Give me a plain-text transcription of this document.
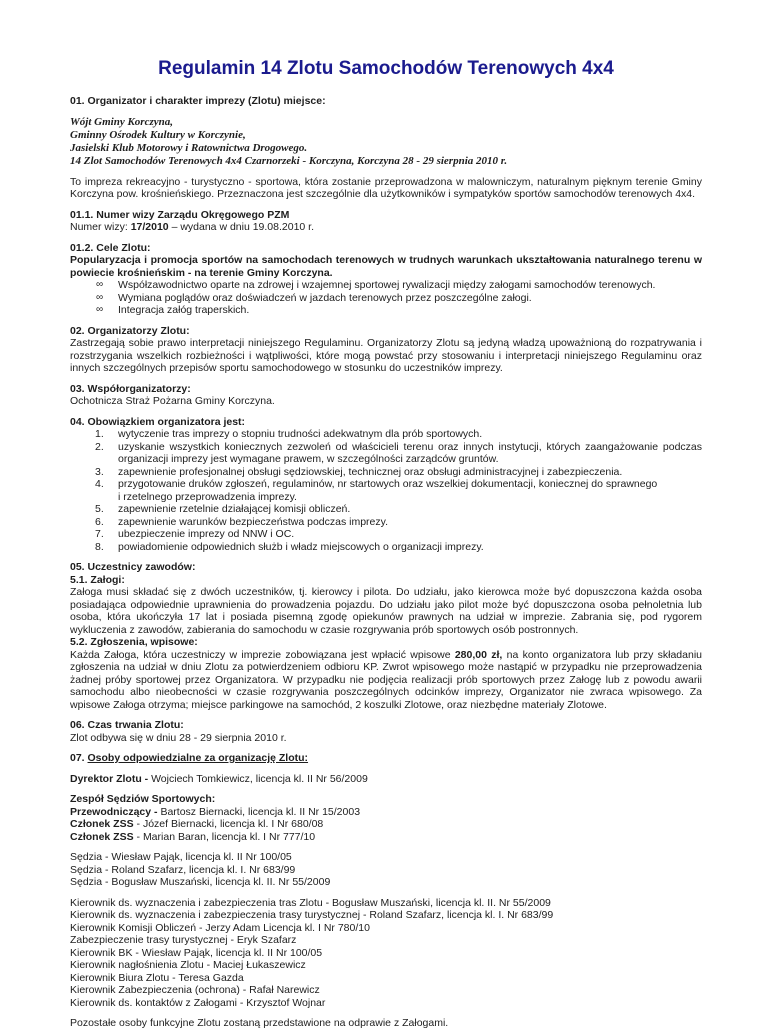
Regulamin 14 Zlotu Samochodów Terenowych 4x4

01. Organizator i charakter imprezy (Zlotu) miejsce:

Wójt Gminy Korczyna,

Gminny Ośrodek Kultury w Korczynie,

Jasielski Klub Motorowy i Ratownictwa Drogowego.

14 Zlot Samochodów Terenowych 4x4 Czarnorzeki - Korczyna, Korczyna 28 - 29 sierpnia 2010 r.

To impreza rekreacyjno - turystyczno - sportowa, która zostanie przeprowadzona w malowniczym, naturalnym pięknym terenie Gminy Korczyna pow. krośnieńskiego. Przeznaczona jest szczególnie dla użytkowników i sympatyków sportów samochodów terenowych 4x4.

01.1. Numer wizy Zarządu Okręgowego PZM

Numer wizy: 17/2010 – wydana w dniu 19.08.2010 r.

01.2. Cele Zlotu:

Popularyzacja i promocja sportów na samochodach terenowych w trudnych warunkach ukształtowania naturalnego terenu w powiecie krośnieńskim - na terenie Gminy Korczyna.

∞	Współzawodnictwo oparte na zdrowej i wzajemnej sportowej rywalizacji między załogami samochodów terenowych.
∞	Wymiana poglądów oraz doświadczeń w jazdach terenowych przez poszczególne załogi.
∞	Integracja załóg traperskich.

02. Organizatorzy Zlotu:

Zastrzegają sobie prawo interpretacji niniejszego Regulaminu. Organizatorzy Zlotu są jedyną władzą upoważnioną do rozpatrywania i rozstrzygania wszelkich rozbieżności i wątpliwości, które mogą powstać przy stosowaniu i interpretacji niniejszego Regulaminu oraz innych szczególnych przepisów sportu samochodowego w stosunku do uczestników imprezy.

03. Współorganizatorzy:

Ochotnicza Straż Pożarna Gminy Korczyna.

04. Obowiązkiem organizatora jest:

1.	wytyczenie tras imprezy o stopniu trudności adekwatnym dla prób sportowych.
2.	uzyskanie wszystkich koniecznych zezwoleń od właścicieli terenu oraz innych instytucji, których zaangażowanie podczas organizacji imprezy jest wymagane prawem, w szczególności zarządców gruntów.
3.	zapewnienie profesjonalnej obsługi sędziowskiej, technicznej oraz obsługi administracyjnej i zabezpieczenia.
4.	przygotowanie druków zgłoszeń, regulaminów, nr startowych oraz wszelkiej dokumentacji, koniecznej do sprawnego
i rzetelnego przeprowadzenia imprezy.
5.	zapewnienie rzetelnie działającej komisji obliczeń.
6.	zapewnienie warunków bezpieczeństwa podczas imprezy.
7.	ubezpieczenie imprezy od NNW i OC.
8.	powiadomienie odpowiednich służb i władz miejscowych o organizacji imprezy.

05. Uczestnicy zawodów:

5.1. Załogi:

Załoga musi składać się z dwóch uczestników, tj. kierowcy i pilota. Do udziału, jako kierowca może być dopuszczona każda osoba posiadająca odpowiednie uprawnienia do prowadzenia pojazdu. Do udziału jako pilot może być dopuszczona osoba pełnoletnia lub osoba, która ukończyła 17 lat i posiada pisemną zgodę opiekunów prawnych na udział w imprezie. Zabrania się, pod rygorem wykluczenia z zawodów, zabierania do samochodu w czasie rozgrywania prób sportowych osób postronnych.

5.2. Zgłoszenia, wpisowe:

Każda Załoga, która uczestniczy w imprezie zobowiązana jest wpłacić wpisowe 280,00 zł, na konto organizatora lub przy składaniu zgłoszenia na udział w dniu Zlotu za potwierdzeniem odbioru KP. Zwrot wpisowego może nastąpić w przypadku nie przeprowadzenia żadnej próby sportowej przez Organizatora. W przypadku nie podjęcia realizacji prób sportowych przez Załogę lub z powodu awarii samochodu albo nieobecności w czasie rozgrywania poszczególnych odcinków imprezy, Organizator nie zwraca wpisowego. Za wpisowe Załoga otrzyma; miejsce parkingowe na samochód, 2 koszulki Zlotowe, oraz niezbędne materiały Zlotowe.

06. Czas trwania Zlotu:

Zlot odbywa się w dniu 28 - 29 sierpnia 2010 r.

07. Osoby odpowiedzialne za organizację Zlotu:

Dyrektor Zlotu - Wojciech Tomkiewicz, licencja kl. II Nr 56/2009

Zespół Sędziów Sportowych:

Przewodniczący - Bartosz Biernacki, licencja kl. II Nr 15/2003

Członek ZSS - Józef Biernacki, licencja kl. I Nr 680/08

Członek ZSS - Marian Baran, licencja kl. I Nr 777/10

Sędzia - Wiesław Pająk, licencja kl. II Nr 100/05

Sędzia - Roland Szafarz, licencja kl. I. Nr 683/99

Sędzia - Bogusław Muszański, licencja kl. II. Nr 55/2009

Kierownik ds. wyznaczenia i zabezpieczenia tras Zlotu - Bogusław Muszański, licencja kl. II. Nr 55/2009

Kierownik ds. wyznaczenia i zabezpieczenia trasy turystycznej - Roland Szafarz, licencja kl. I. Nr 683/99

Kierownik Komisji Obliczeń - Jerzy Adam Licencja kl. I Nr 780/10

Zabezpieczenie trasy turystycznej - Eryk Szafarz

Kierownik BK - Wiesław Pająk, licencja kl. II Nr 100/05

Kierownik nagłośnienia Zlotu - Maciej Łukaszewicz

Kierownik Biura Zlotu - Teresa Gazda

Kierownik Zabezpieczenia (ochrona) - Rafał Narewicz

Kierownik ds. kontaktów z Załogami - Krzysztof Wojnar

Pozostałe osoby funkcyjne Zlotu zostaną przedstawione na odprawie z Załogami.
